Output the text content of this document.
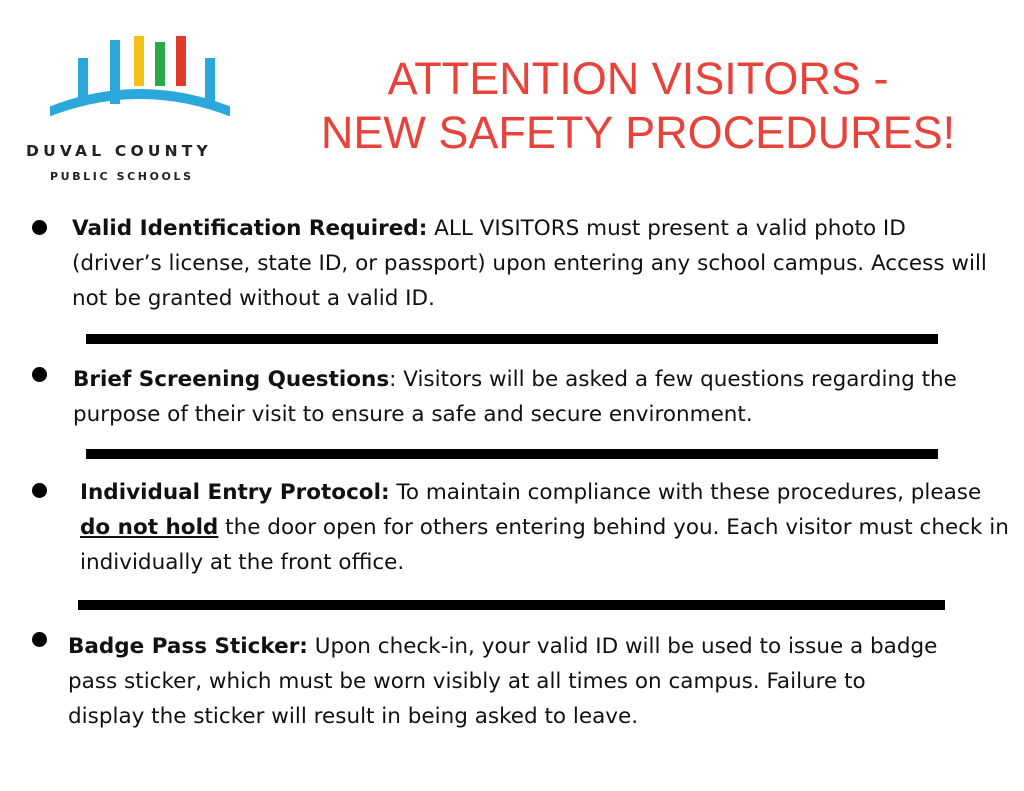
DUVAL COUNTY
PUBLIC SCHOOLS
ATTENTION VISITORS -
NEW SAFETY PROCEDURES!
Valid Identification Required: ALL VISITORS must present a valid photo ID (driver’s license, state ID, or passport) upon entering any school campus. Access will not be granted without a valid ID.
Brief Screening Questions: Visitors will be asked a few questions regarding the purpose of their visit to ensure a safe and secure environment.
Individual Entry Protocol: To maintain compliance with these procedures, please do not hold the door open for others entering behind you. Each visitor must check in individually at the front office.
Badge Pass Sticker: Upon check-in, your valid ID will be used to issue a badge pass sticker, which must be worn visibly at all times on campus. Failure to display the sticker will result in being asked to leave.
